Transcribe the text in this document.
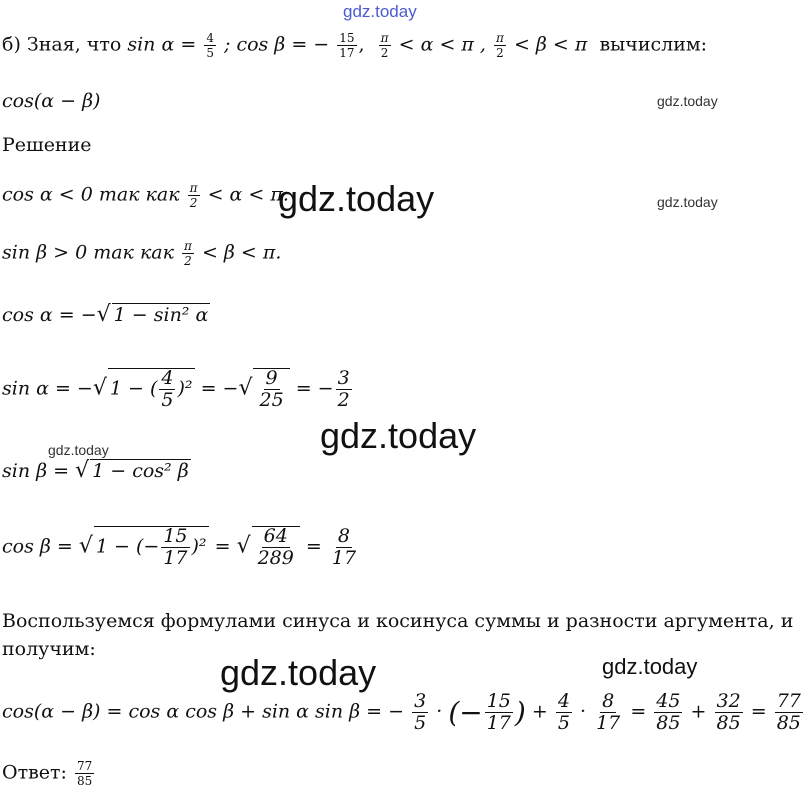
gdz.today
gdz.today
gdz.today
gdz.today
gdz.today
gdz.today
gdz.today	gdz.today
б) Зная, что $\sin \alpha = \frac{4}{5}$ ; cos β = − $\frac{15}{17}$ , $\frac{\pi}{2} < \alpha < \pi$ , $\frac{\pi}{2} < \beta < \pi$ вычислим:
cos(α − β)
Решение
cos α < 0 так как $\frac{\pi}{2} < \alpha < \pi$.
sin β > 0 так как $\frac{\pi}{2} < \beta < \pi$.
cos α = −√ 1 − sin² α
sin α = −√ 1 − ( $\frac{4}{5} )^2$ = −√ $\frac{9}{25}$ = − $\frac{3}{2}$
sin β = √ 1 − cos² β
cos β = √ 1 − (− $\frac{15}{17} )^2$ = √ $\frac{64}{289} = \frac{8}{17}$
Воспользуемся формулами синуса и косинуса суммы и разности аргумента, и
получим:
cos(α − β) = cos α cos β + sin α sin β = − $\frac{3}{5}$ · (− $\frac{15}{17}$ ) + $\frac{4}{5} \cdot \frac{8}{17} = \frac{45}{85} + \frac{32}{85} = \frac{77}{85}$
Ответ: $\frac{77}{85}$
